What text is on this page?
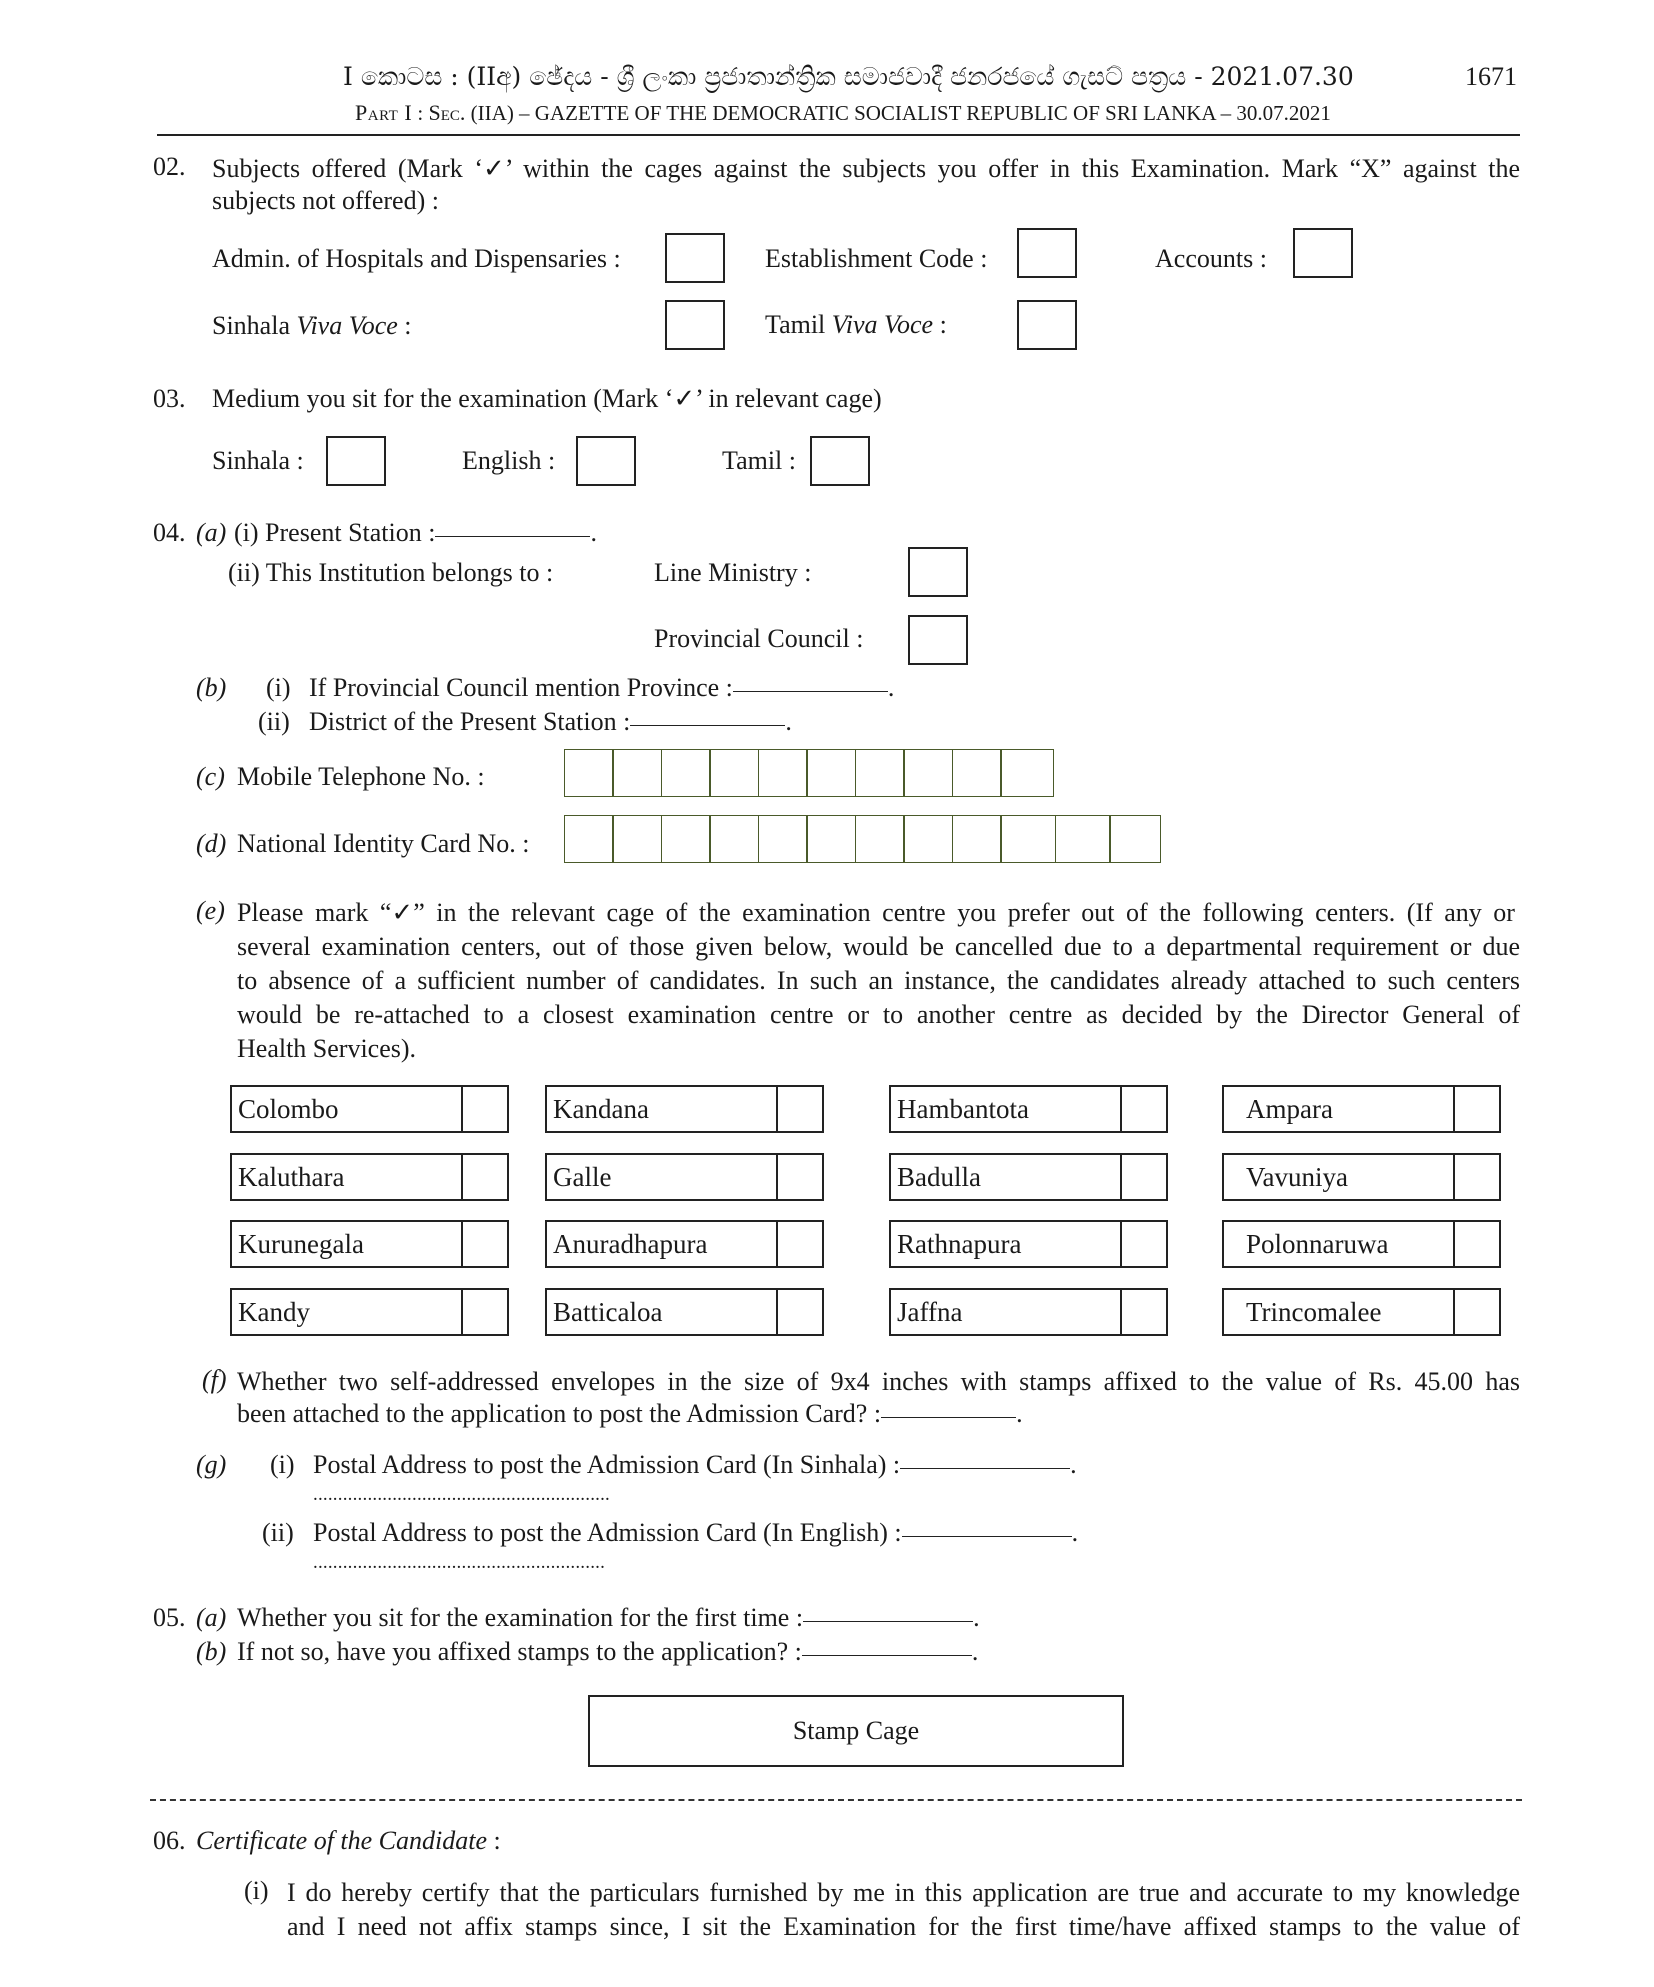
I කොටස : (IIඅ) ඡේදය - ශ්‍රී ලංකා ප්‍රජාතාන්ත්‍රික සමාජවාදී ජනරජයේ ගැසට් පත්‍රය - 2021.07.30	1671
Part I : Sec. (IIA) – GAZETTE OF THE DEMOCRATIC SOCIALIST REPUBLIC OF SRI LANKA – 30.07.2021
02. Subjects offered (Mark ‘✓’ within the cages against the subjects you offer in this Examination. Mark “X” against the
subjects not offered) :
Admin. of Hospitals and Dispensaries :	Establishment Code :	Accounts :
Sinhala Viva Voce :	Tamil Viva Voce :
03. Medium you sit for the examination (Mark ‘✓’ in relevant cage)
Sinhala :	English :	Tamil :
04. (a) (i) Present Station :	.
(ii) This Institution belongs to :	Line Ministry :
Provincial Council :
(b) (i) If Provincial Council mention Province :	.
(ii) District of the Present Station :	.
(c) Mobile Telephone No. :
(d) National Identity Card No. :
(e) Please mark “✓” in the relevant cage of the examination centre you prefer out of the following centers. (If any or
several examination centers, out of those given below, would be cancelled due to a departmental requirement or due
to absence of a sufficient number of candidates. In such an instance, the candidates already attached to such centers
would be re-attached to a closest examination centre or to another centre as decided by the Director General of
Health Services).
Colombo	Kandana	Hambantota	Ampara
Kaluthara	Galle	Badulla	Vavuniya
Kurunegala	Anuradhapura	Rathnapura	Polonnaruwa
Kandy	Batticaloa	Jaffna	Trincomalee
(f) Whether two self-addressed envelopes in the size of 9x4 inches with stamps affixed to the value of Rs. 45.00 has
been attached to the application to post the Admission Card? :	.
(g) (i) Postal Address to post the Admission Card (In Sinhala) :	.
............................................................
(ii) Postal Address to post the Admission Card (In English) :	.
...........................................................
05. (a) Whether you sit for the examination for the first time :	.
(b) If not so, have you affixed stamps to the application? :	.
Stamp Cage
06. Certificate of the Candidate :
(i) I do hereby certify that the particulars furnished by me in this application are true and accurate to my knowledge
and I need not affix stamps since, I sit the Examination for the first time/have affixed stamps to the value of
